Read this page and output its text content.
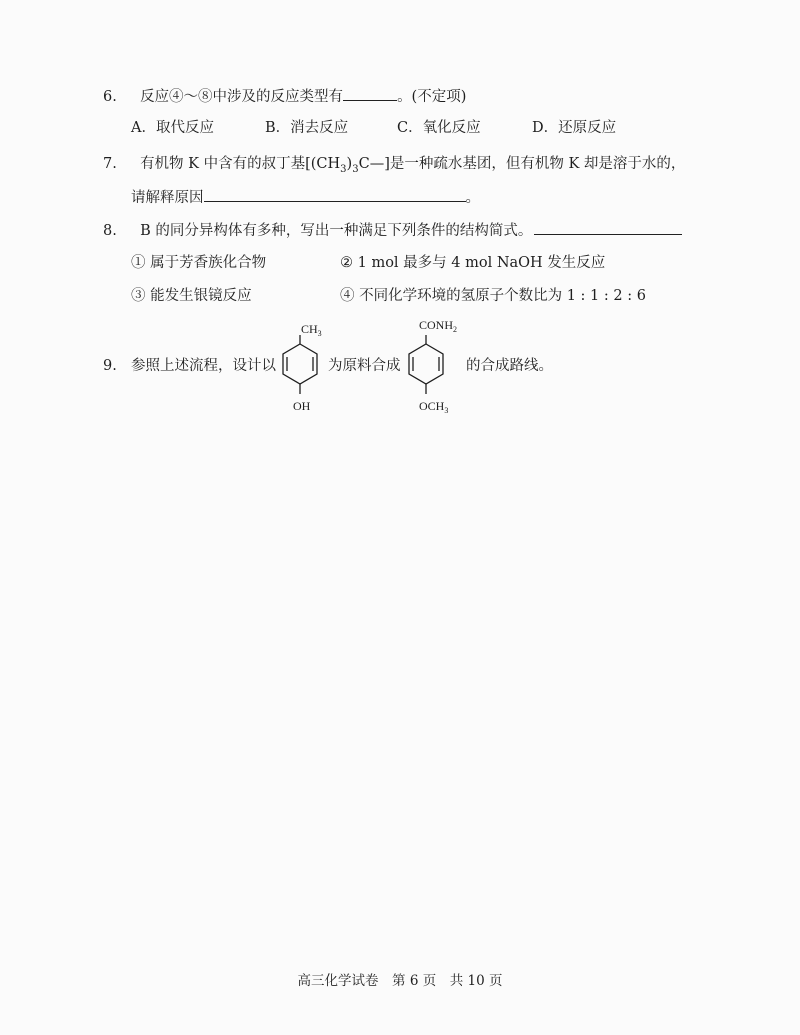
6. 反应④～⑧中涉及的反应类型有	。(不定项)
A．取代反应	B．消去反应	C．氧化反应	D．还原反应
7. 有机物 K 中含有的叔丁基$[(CH_3)_3C—]$是一种疏水基团，但有机物 K 却是溶于水的，
请解释原因	。
8. B 的同分异构体有多种，写出一种满足下列条件的结构简式。
① 属于芳香族化合物	② 1 mol 最多与 4 mol NaOH 发生反应
③ 能发生银镜反应	④ 不同化学环境的氢原子个数比为 1 : 1 : 2 : 6
9. 参照上述流程，设计以
$CH_3$
OH
为原料合成
$CONH_2$
$OCH_3$
的合成路线。
高三化学试卷　第 6 页　共 10 页
